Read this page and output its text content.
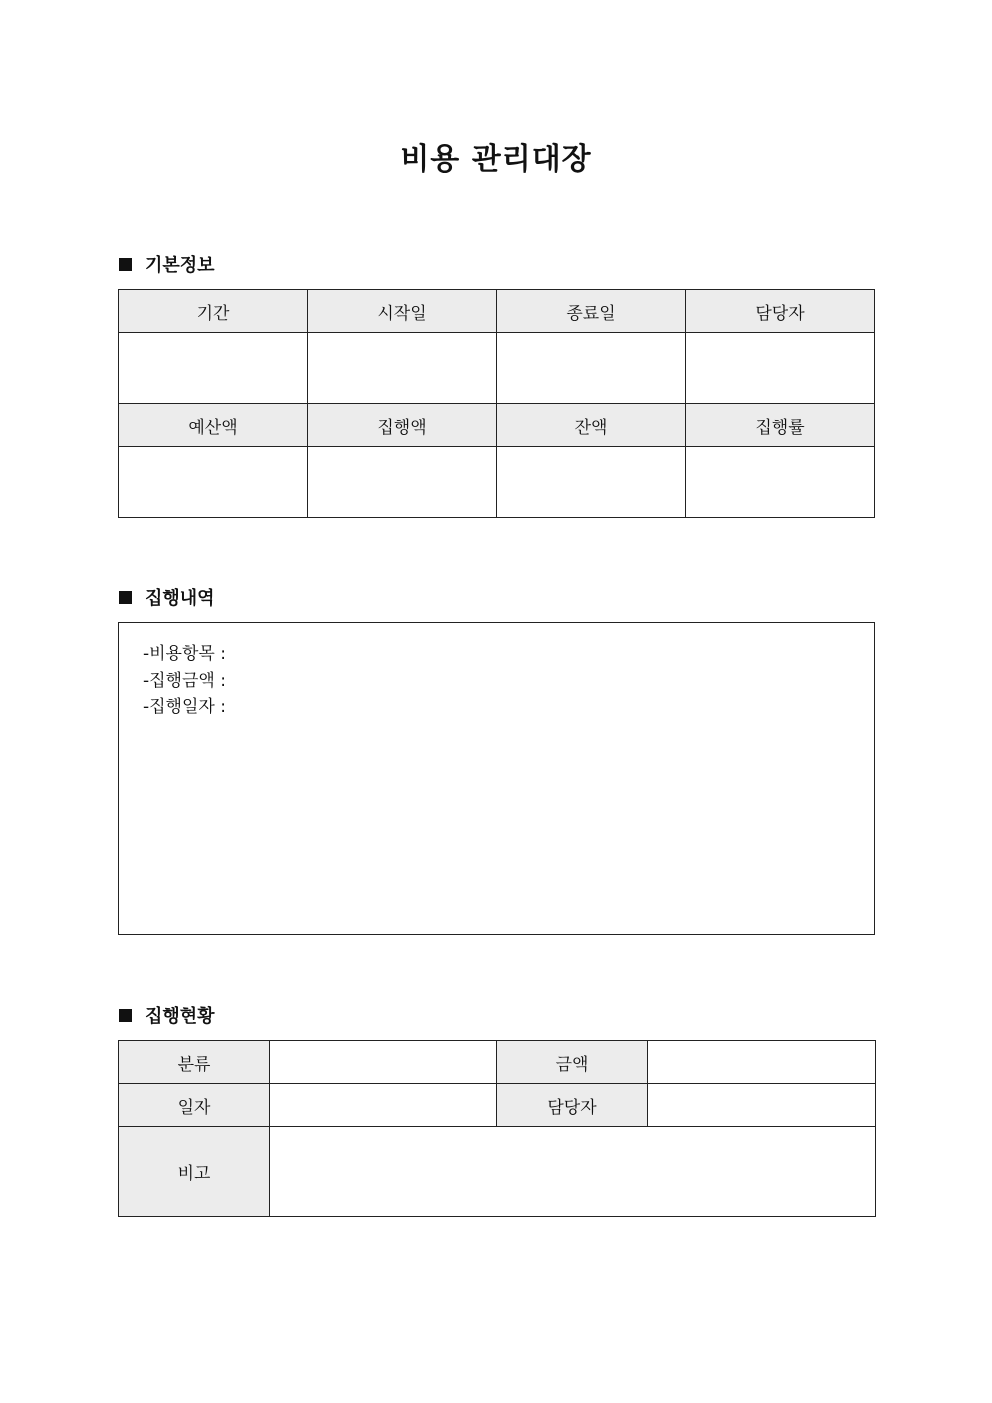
비용 관리대장
기본정보
기간	시작일	종료일	담당자

예산액	집행액	잔액	집행률

집행내역
-비용항목 :
-집행금액 :
-집행일자 :
집행현황
분류		금액	
일자		담당자	
비고			
